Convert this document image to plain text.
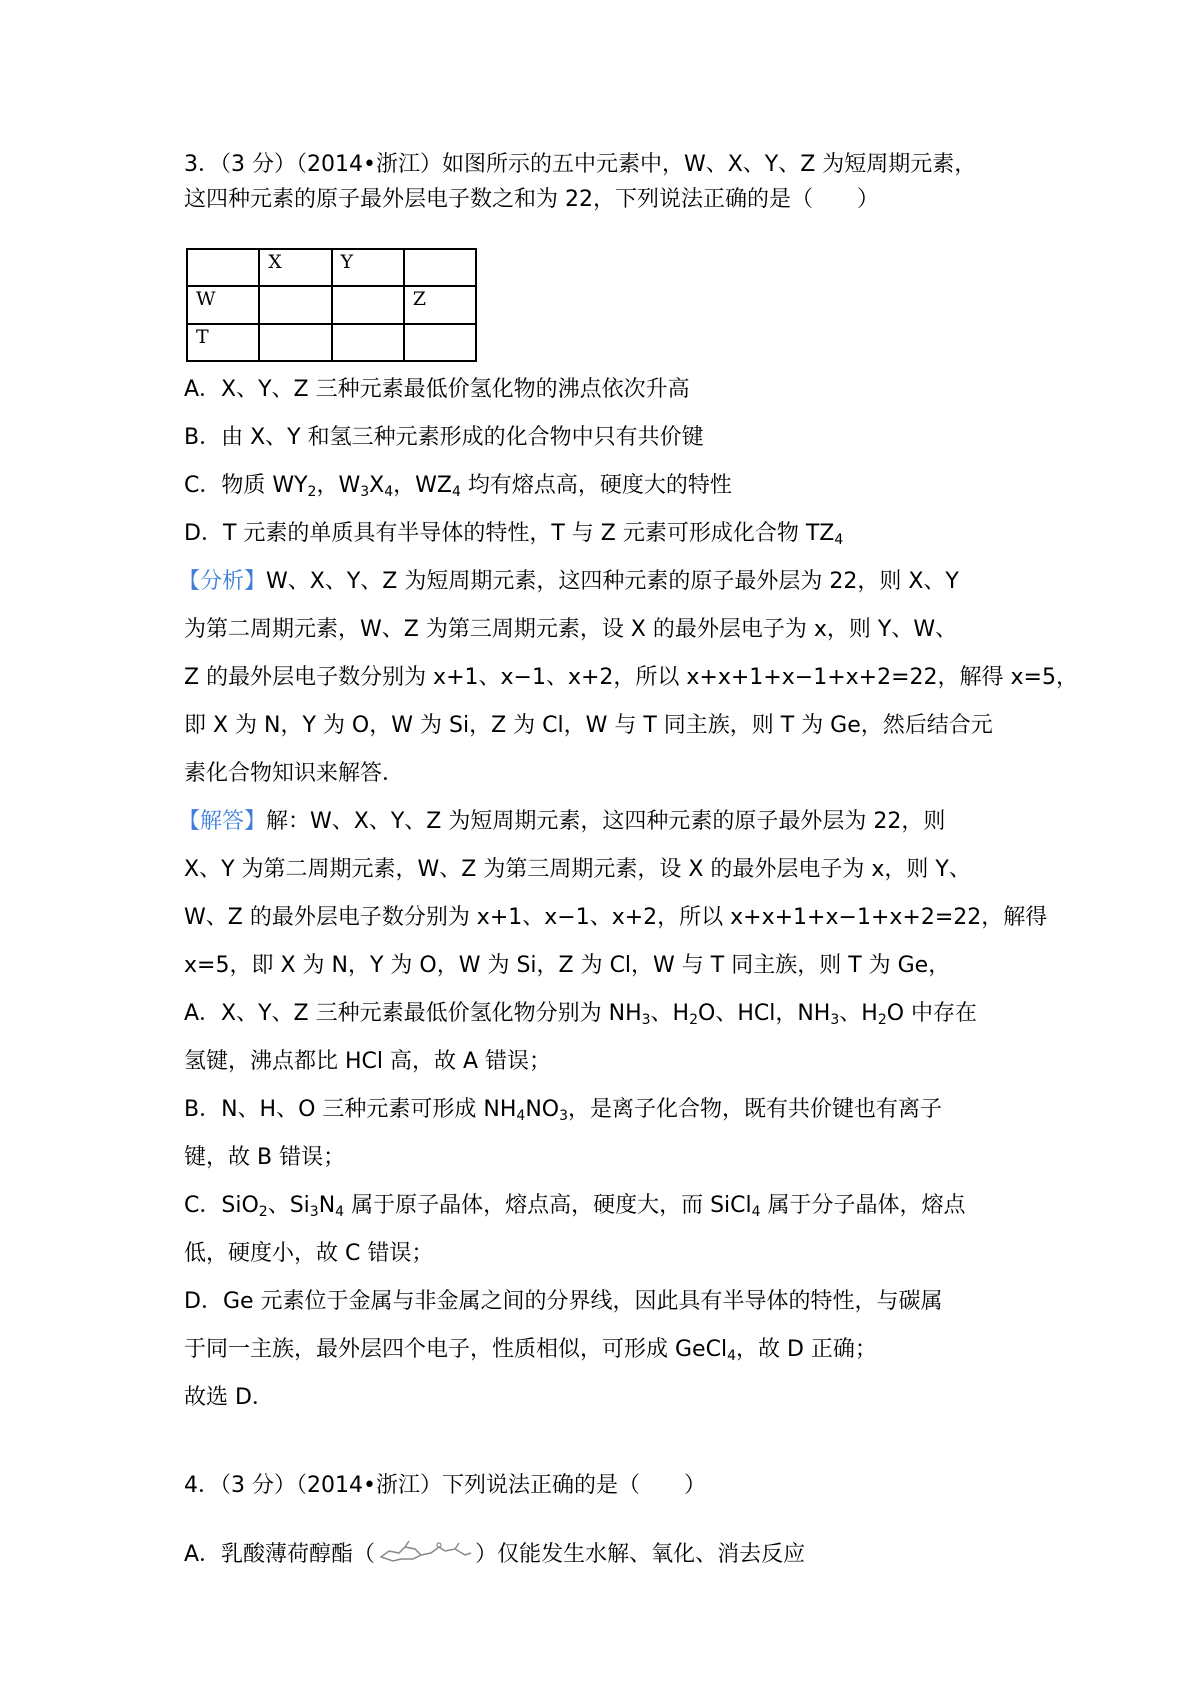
3．（3 分）（2014•浙江）如图所示的五中元素中，W、X、Y、Z 为短周期元素，
这四种元素的原子最外层电子数之和为 22，下列说法正确的是（　　）
	X	Y	
W			Z
T			
A．X、Y、Z 三种元素最低价氢化物的沸点依次升高
B．由 X、Y 和氢三种元素形成的化合物中只有共价键
C．物质 $WY_2$，$W_3X_4$，$WZ_4$ 均有熔点高，硬度大的特性
D．T 元素的单质具有半导体的特性，T 与 Z 元素可形成化合物 $TZ_4$
【分析】W、X、Y、Z 为短周期元素，这四种元素的原子最外层为 22，则 X、Y
为第二周期元素，W、Z 为第三周期元素，设 X 的最外层电子为 x，则 Y、W、
Z 的最外层电子数分别为 x+1、x−1、x+2，所以 x+x+1+x−1+x+2=22，解得 x=5，
即 X 为 N，Y 为 O，W 为 Si，Z 为 Cl，W 与 T 同主族，则 T 为 Ge，然后结合元
素化合物知识来解答．
【解答】解：W、X、Y、Z 为短周期元素，这四种元素的原子最外层为 22，则
X、Y 为第二周期元素，W、Z 为第三周期元素，设 X 的最外层电子为 x，则 Y、
W、Z 的最外层电子数分别为 x+1、x−1、x+2，所以 x+x+1+x−1+x+2=22，解得
x=5，即 X 为 N，Y 为 O，W 为 Si，Z 为 Cl，W 与 T 同主族，则 T 为 Ge，
A．X、Y、Z 三种元素最低价氢化物分别为 $NH_3$、$H_2O$、HCl，$NH_3$、$H_2O$ 中存在
氢键，沸点都比 HCl 高，故 A 错误；
B．N、H、O 三种元素可形成 $NH_4NO_3$，是离子化合物，既有共价键也有离子
键，故 B 错误；
C．SiO$_2$、$Si_3N_4$ 属于原子晶体，熔点高，硬度大，而 SiCl$_4$ 属于分子晶体，熔点
低，硬度小，故 C 错误；
D．Ge 元素位于金属与非金属之间的分界线，因此具有半导体的特性，与碳属
于同一主族，最外层四个电子，性质相似，可形成 GeCl$_4$，故 D 正确；
故选 D．
4．（3 分）（2014•浙江）下列说法正确的是（　　）
A．乳酸薄荷醇酯（	）仅能发生水解、氧化、消去反应
